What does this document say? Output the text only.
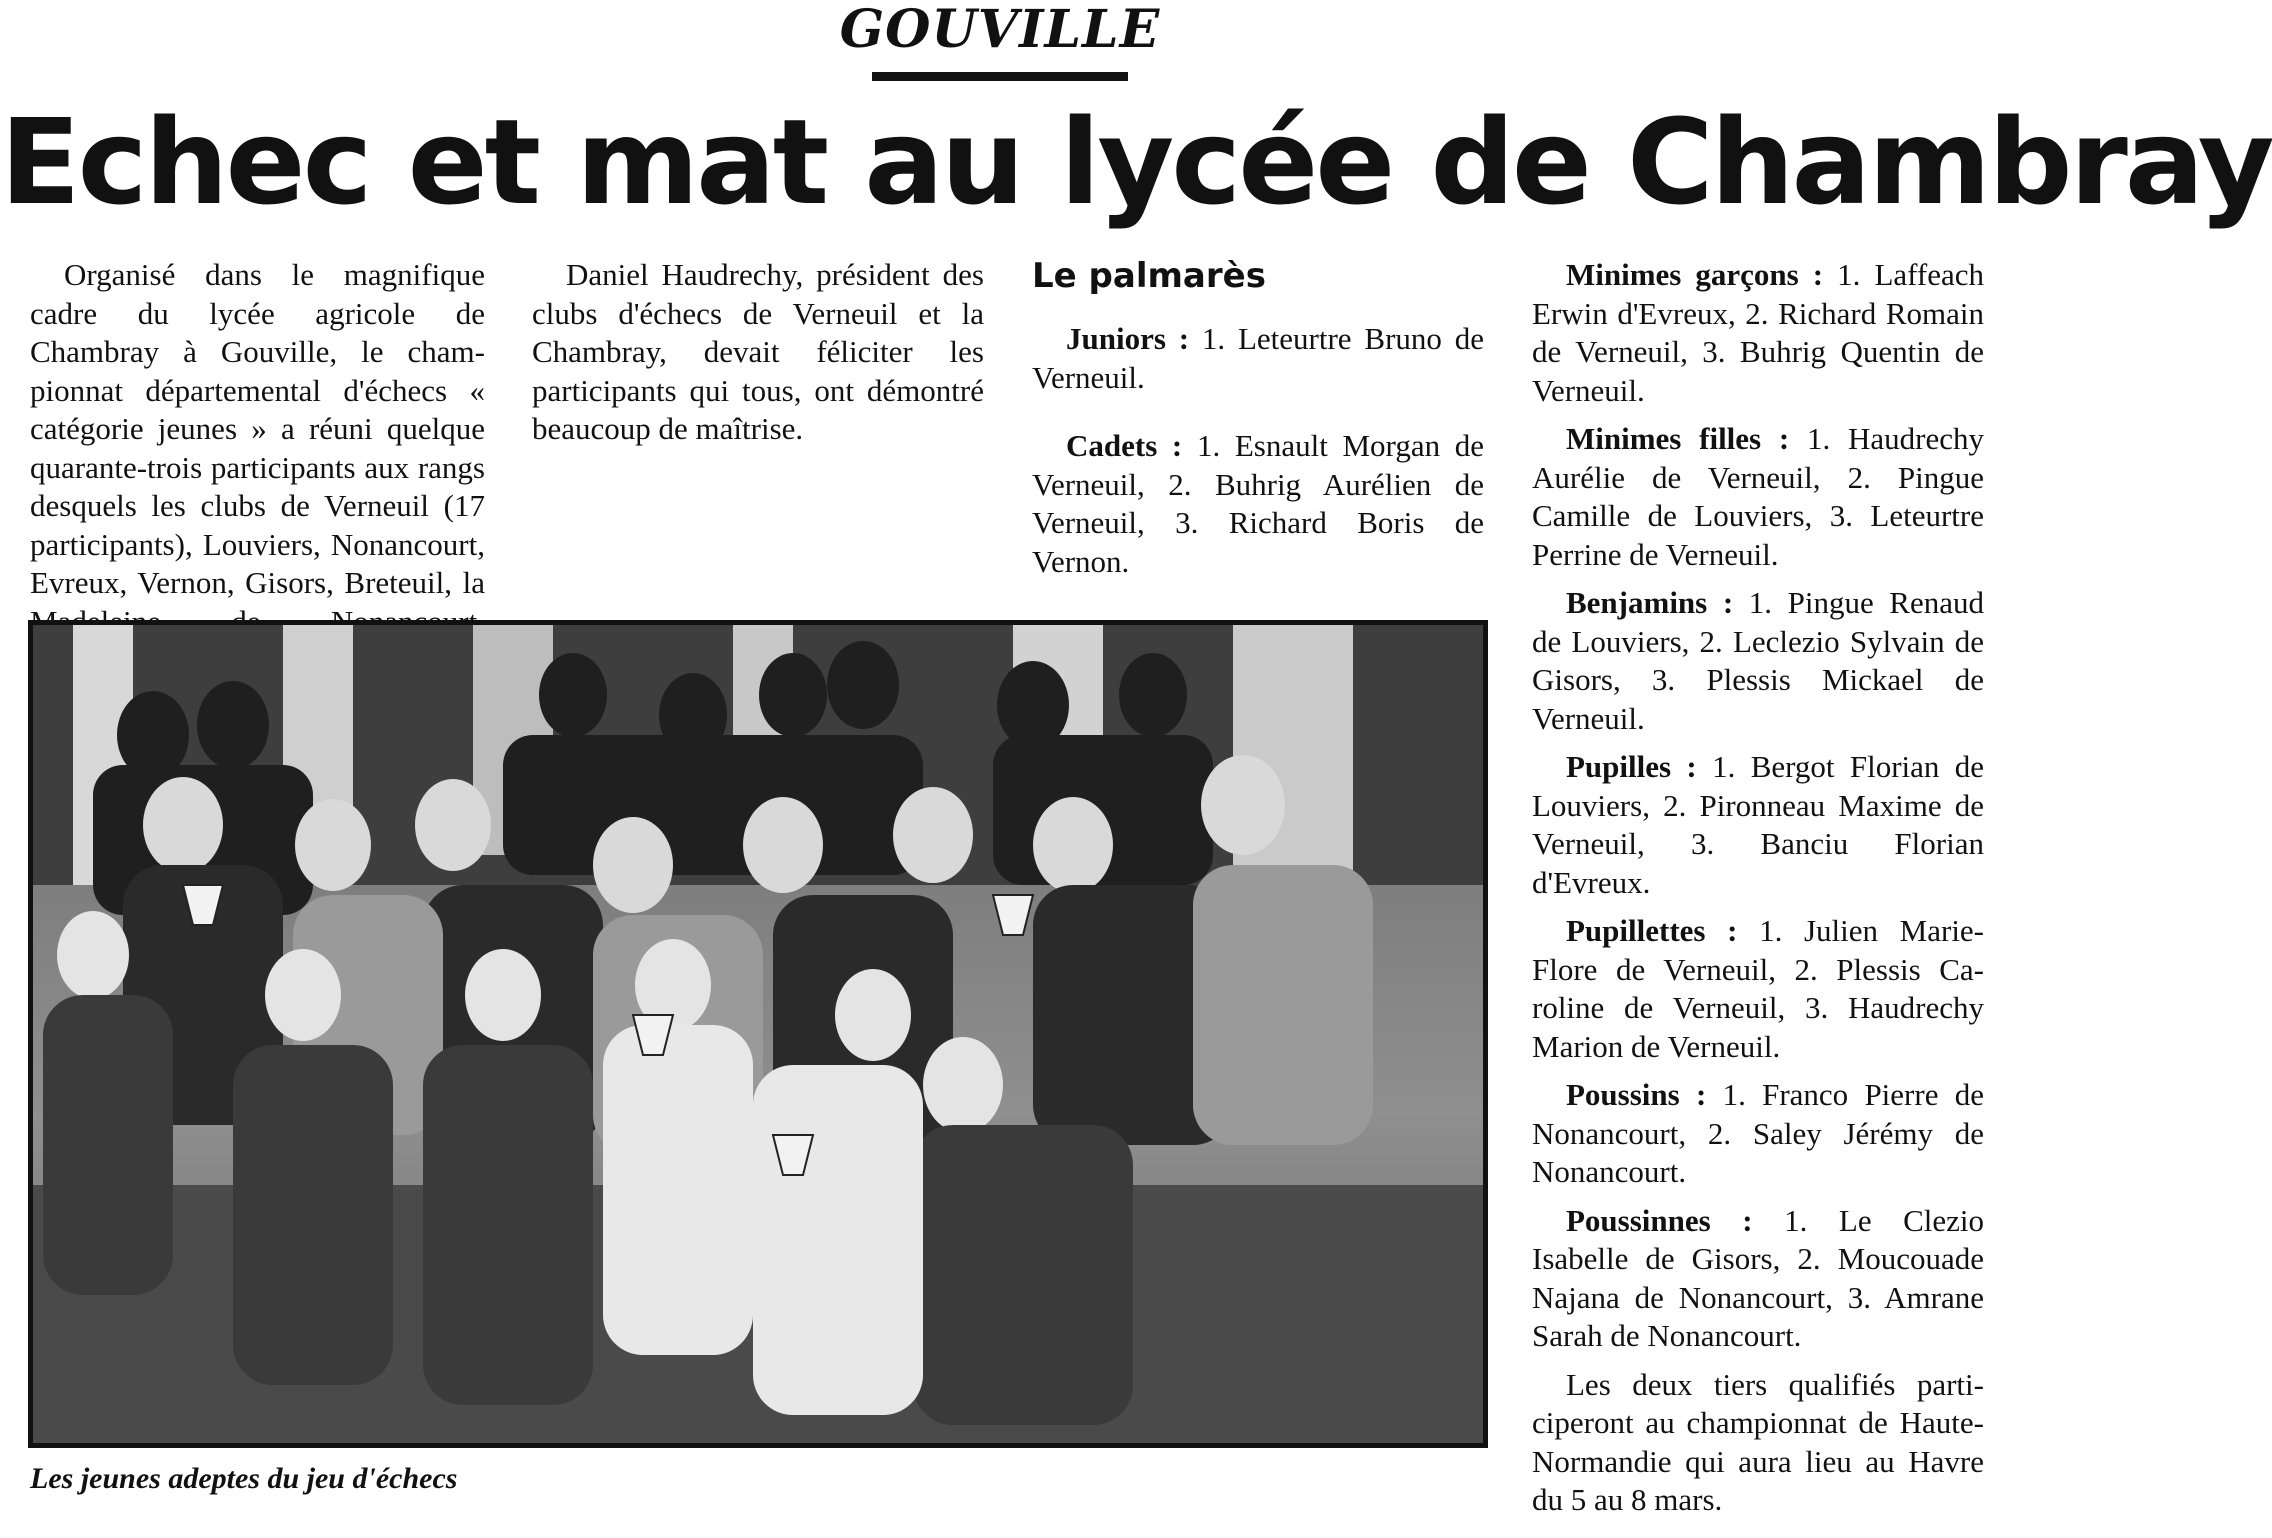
GOUVILLE
Echec et mat au lycée de Chambray

Organisé dans le magnifique cadre du lycée agricole de Chambray à Gouville, le championnat départemental d'échecs « catégorie jeunes » a réuni quelque quarante-trois participants aux rangs desquels les clubs de Verneuil (17 participants), Louviers, Nonancourt, Evreux, Vernon, Gisors, Breteuil, la

Daniel Haudrechy, président des clubs d'échecs de Verneuil et la Chambray, devait féliciter les participants qui tous, ont démontré beaucoup de maîtrise.

Le palmarès

Juniors : 1. Leteurtre Bruno de Verneuil.

Cadets : 1. Esnault Morgan de Verneuil, 2. Buhrig Aurélien de Verneuil, 3. Richard Boris de Vernon.

Minimes garçons : 1. Laffeach Erwin d'Evreux, 2. Richard Romain de Verneuil, 3. Buhrig Quentin de Verneuil.

Minimes filles : 1. Haudrechy Aurélie de Verneuil, 2. Pingue Camille de Louviers, 3. Leteurtre Perrine de Verneuil.

Benjamins : 1. Pingue Renaud de Louviers, 2. Leclezio Sylvain de Gisors, 3. Plessis Mickael de Verneuil.

Pupilles : 1. Bergot Florian de Louviers, 2. Pironneau Maxime de Verneuil, 3. Banciu Florian d'Evreux.

Pupillettes : 1. Julien Marie-Flore de Verneuil, 2. Plessis Caroline de Verneuil, 3. Haudrechy Marion de Verneuil.

Poussins : 1. Franco Pierre de Nonancourt, 2. Saley Jérémy de Nonancourt.

Poussinnes : 1. Le Clezio Isabelle de Gisors, 2. Moucouade Najana de Nonancourt, 3. Amrane Sarah de Nonancourt.

Les deux tiers qualifiés participeront au championnat de Haute-Normandie qui aura lieu au Havre du 5 au 8 mars.

Les jeunes adeptes du jeu d'échecs
